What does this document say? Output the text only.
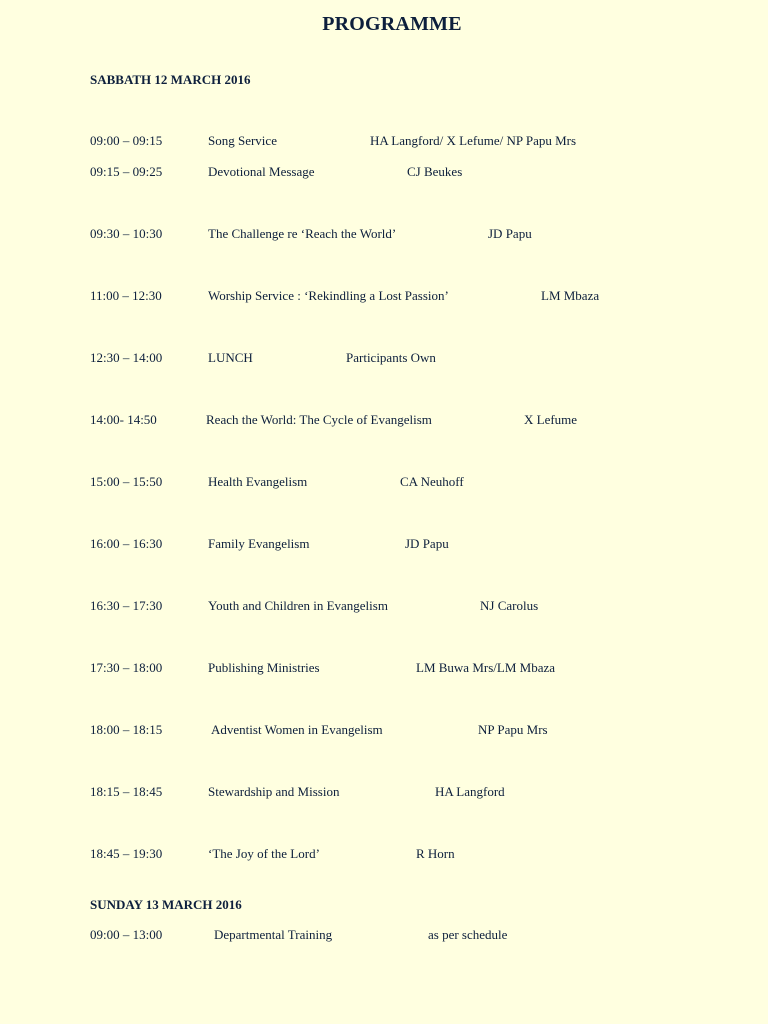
PROGRAMME
SABBATH 12 MARCH 2016
09:00 – 09:15	Song Service	HA Langford/ X Lefume/ NP Papu Mrs
09:15 – 09:25	Devotional Message	CJ Beukes
09:30 – 10:30	The Challenge re ‘Reach the World’	JD Papu
11:00 – 12:30	Worship Service : ‘Rekindling a Lost Passion’	LM Mbaza
12:30 – 14:00	LUNCH	Participants Own
14:00- 14:50	Reach the World: The Cycle of Evangelism	X Lefume
15:00 – 15:50	Health Evangelism	CA Neuhoff
16:00 – 16:30	Family Evangelism	JD Papu
16:30 – 17:30	Youth and Children in Evangelism	NJ Carolus
17:30 – 18:00	Publishing Ministries	LM Buwa Mrs/LM Mbaza
18:00 – 18:15	Adventist Women in Evangelism	NP Papu Mrs
18:15 – 18:45	Stewardship and Mission	HA Langford
18:45 – 19:30	‘The Joy of the Lord’	R Horn
SUNDAY 13 MARCH 2016
09:00 – 13:00	Departmental Training	as per schedule
